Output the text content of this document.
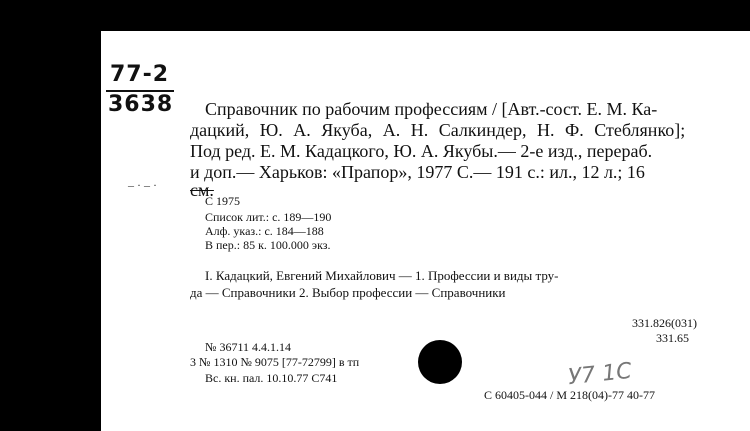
77-2
3638 Справочник по рабочим профессиям / [Авт.-сост. Е. М. Ка-
дацкий, Ю. А. Якуба, А. Н. Салкиндер, Н. Ф. Стеблянко];
Под ред. Е. М. Кадацкого, Ю. А. Якубы.— 2-е изд., перераб.
и доп.— Харьков: «Прапор», 1977 С.— 191 с.: ил., 12 л.; 16
см.
– · – ·
С 1975
Список лит.: с. 189—190
Алф. указ.: с. 184—188
В пер.: 85 к. 100.000 экз.
I. Кадацкий, Евгений Михайлович — 1. Профессии и виды тру-
да — Справочники 2. Выбор профессии — Справочники
331.826(031)
331.65
№ 36711 4.4.1.14
3 № 1310 № 9075 [77-72799] в тп
Вс. кн. пал. 10.10.77 С741	У7 1С
С 60405-044 / М 218(04)-77 40-77
